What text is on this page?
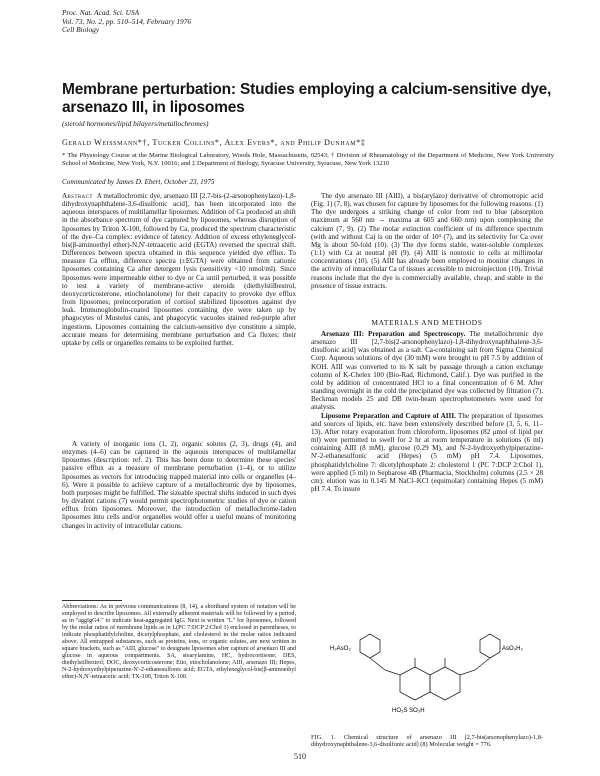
Proc. Nat. Acad. Sci. USA
Vol. 73, No. 2, pp. 510–514, February 1976
Cell Biology
Membrane perturbation: Studies employing a calcium-sensitive dye, arsenazo III, in liposomes
(steroid hormones/lipid bilayers/metallochromes)
Gerald Weissmann*†, Tucker Collins*, Alex Evers*, and Philip Dunham*‡
* The Physiology Course at the Marine Biological Laboratory, Woods Hole, Massachusetts, 02543; † Division of Rheumatology of the Department of Medicine, New York University School of Medicine, New York, N.Y. 10016; and ‡ Department of Biology, Syracuse University, Syracuse, New York 13210
Communicated by James D. Ebert, October 23, 1975

Abstract A metallochromic dye, arsenazo III [2,7-bis-(2-arsonophenylazo)-1,8-dihydroxynaphthalene-3,6-disulfonic acid], has been incorporated into the aqueous interspaces of multilamellar liposomes. Addition of Ca produced an shift in the absorbance spectrum of dye captured by liposomes, whereas disruption of liposomes by Triton X-100, followed by Ca, produced the spectrum characteristic of the dye–Ca complex: evidence of latency. Addition of excess ethyleneglycol-bis(β-aminoethyl ether)-N,N'-tetraacetic acid (EGTA) reversed the spectral shift. Differences between spectra obtained in this sequence yielded dye efflux. To measure Ca efflux, difference spectra (±EGTA) were obtained from cationic liposomes containing Ca after detergent lysis (sensitivity <10 nmol/ml). Since liposomes were impermeable either to dye or Ca until perturbed, it was possible to test a variety of membrane-active steroids (diethylstilbestrol, deoxycorticosterone, etiocholanolone) for their capacity to provoke dye efflux from liposomes; preincorporation of cortisol stabilized liposomes against dye leak. Immunoglobulin-coated liposomes containing dye were taken up by phagocytes of Mustelus canis, and phagocytic vacuoles stained red-purple after ingestions. Liposomes containing the calcium-sensitive dye constitute a simple, accurate means for determining membrane perturbation and Ca fluxes; their uptake by cells or organelles remains to be exploited further.

A variety of inorganic ions (1, 2), organic solutes (2, 3), drugs (4), and enzymes (4–6) can be captured in the aqueous interspaces of multilamellar liposomes (description: ref. 2). This has been done to determine these species' passive efflux as a measure of membrane perturbation (1–4), or to utilize liposomes as vectors for introducing trapped material into cells or organelles (4–6). Were it possible to achieve capture of a metallochromic dye by liposomes, both purposes might be fulfilled. The sizeable spectral shifts induced in such dyes by divalent cations (7) would permit spectrophotometric studies of dye or cation efflux from liposomes. Moreover, the introduction of metallochrome-laden liposomes into cells and/or organelles would offer a useful means of monitoring changes in activity of intracellular cations.

Abbreviations: As in previous communications (8, 14), a shorthand system of notation will be employed to describe liposomes. All externally adherent materials will be followed by a period, as in "aggIgG4." to indicate heat-aggregated IgG. Next is written "L" for liposomes, followed by the molar ratios of membrane lipids as in L(PC 7:DCP 2:Chol 1) enclosed in parentheses, to indicate phosphatidylcholine, dicetylphosphate, and cholesterol in the molar ratios indicated above. All entrapped substances, such as proteins, ions, or organic solutes, are next written in square brackets, such as "AIII, glucose" to designate liposomes after capture of arsenazo III and glucose in aqueous compartments. SA, stearylamine, HC, hydrocortisone; DES, diethylstilbestrol; DOC, deoxycorticosterone; Etio, etiocholanolone; AIII, arsenazo III; Hepes, N-2-hydroxyethylpiperazine-N'-2-ethanesulfonic acid; EGTA, ethyleneglycol-bis(β-aminoethyl ether)-N,N'-tetraacetic acid; TX-100, Triton X-100.

The dye arsenazo III (AIII), a bis(arylazo) derivative of chromotropic acid (Fig. 1) (7, 8), was chosen for capture by liposomes for the following reasons. (1) The dye undergoes a striking change of color from red to blue (absorption maximum at 560 nm → maxima at 605 and 660 nm) upon complexing the calcium (7, 9). (2) The molar extinction coefficient of its difference spectrum (with and without Ca) is on the order of 10⁴ (7), and its selectivity for Ca over Mg is about 50-fold (10). (3) The dye forms stable, water-soluble complexes (1:1) with Ca at neutral pH (9). (4) AIII is nontoxic to cells at millimolar concentrations (10). (5) AIII has already been employed to monitor changes in the activity of intracellular Ca of tissues accessible to microinjection (10). Trivial reasons include that the dye is commercially available, cheap, and stable in the presence of tissue extracts.

MATERIALS AND METHODS

Arsenazo III: Preparation and Spectroscopy. The metallochromic dye arsenazo III [2,7-bis(2-arsonophenylazo)-1,8-dihydroxynaphthalene-3,6-disulfonic acid] was obtained as a salt. Ca-containing salt from Sigma Chemical Corp. Aqueous solutions of dye (30 mM) were brought to pH 7.5 by addition of KOH. AIII was converted to its K salt by passage through a cation exchange column of K-Chelex 100 (Bio-Rad, Richmond, Calif.). Dye was purified in the cold by addition of concentrated HCl to a final concentration of 6 M. After standing overnight in the cold the precipitated dye was collected by filtration (7). Beckman models 25 and DB twin-beam spectrophotometers were used for analysis.

Liposome Preparation and Capture of AIII. The preparation of liposomes and sources of lipids, etc. have been extensively described before (3, 5, 6, 11–13). After rotary evaporation from chloroform, liposomes (82 μmol of lipid per ml) were permitted to swell for 2 hr at room temperature in solutions (6 ml) containing AIII (8 mM), glucose (0.29 M), and N-2-hydroxyethylpiperazine-N'-2-ethanesulfonic acid (Hepes) (5 mM) pH 7.4. Liposomes, phosphatidylcholine 7: dicetylphosphate 2: cholesterol 1 (PC 7:DCP 2:Chol 1), were applied (5 ml) to Sepharose 4B (Pharmacia, Stockholm) columns (2.5 × 28 cm): elution was in 0.145 M NaCl–KCl (equimolar) containing Hepes (5 mM) pH 7.4. To insure

H₂AsO₃	AsO₃H₂
HO₃S SO₃H
FIG. 1. Chemical structure of arsenazo III [2,7-bis(arsonophenylazo)-1,8-dihydroxynaphthalene-3,6-disulfonic acid] (8) Molecular weight = 776.
510
